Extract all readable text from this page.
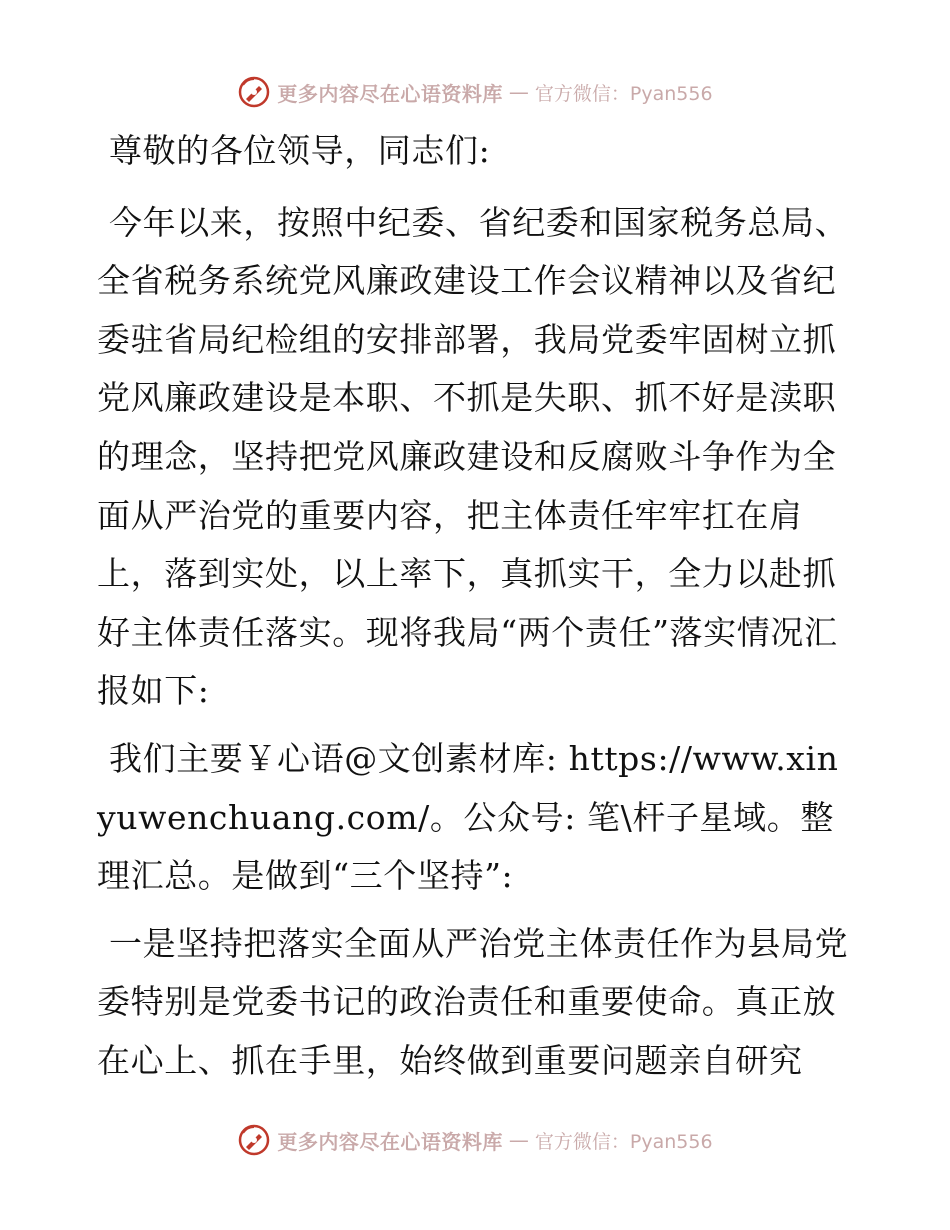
更多内容尽在心语资料库 — 官方微信：Pyan556

尊敬的各位领导，同志们:

今年以来，按照中纪委、省纪委和国家税务总局、全省税务系统党风廉政建设工作会议精神以及省纪委驻省局纪检组的安排部署，我局党委牢固树立抓党风廉政建设是本职、不抓是失职、抓不好是渎职的理念，坚持把党风廉政建设和反腐败斗争作为全面从严治党的重要内容，把主体责任牢牢扛在肩上，落到实处，以上率下，真抓实干，全力以赴抓好主体责任落实。现将我局“两个责任”落实情况汇报如下:

我们主要￥心语@文创素材库: https://www.xinyuwenchuang.com/。公众号: 笔\杆子星域。整理汇总。是做到“三个坚持”:

一是坚持把落实全面从严治党主体责任作为县局党委特别是党委书记的政治责任和重要使命。真正放在心上、抓在手里，始终做到重要问题亲自研究

更多内容尽在心语资料库 — 官方微信：Pyan556
